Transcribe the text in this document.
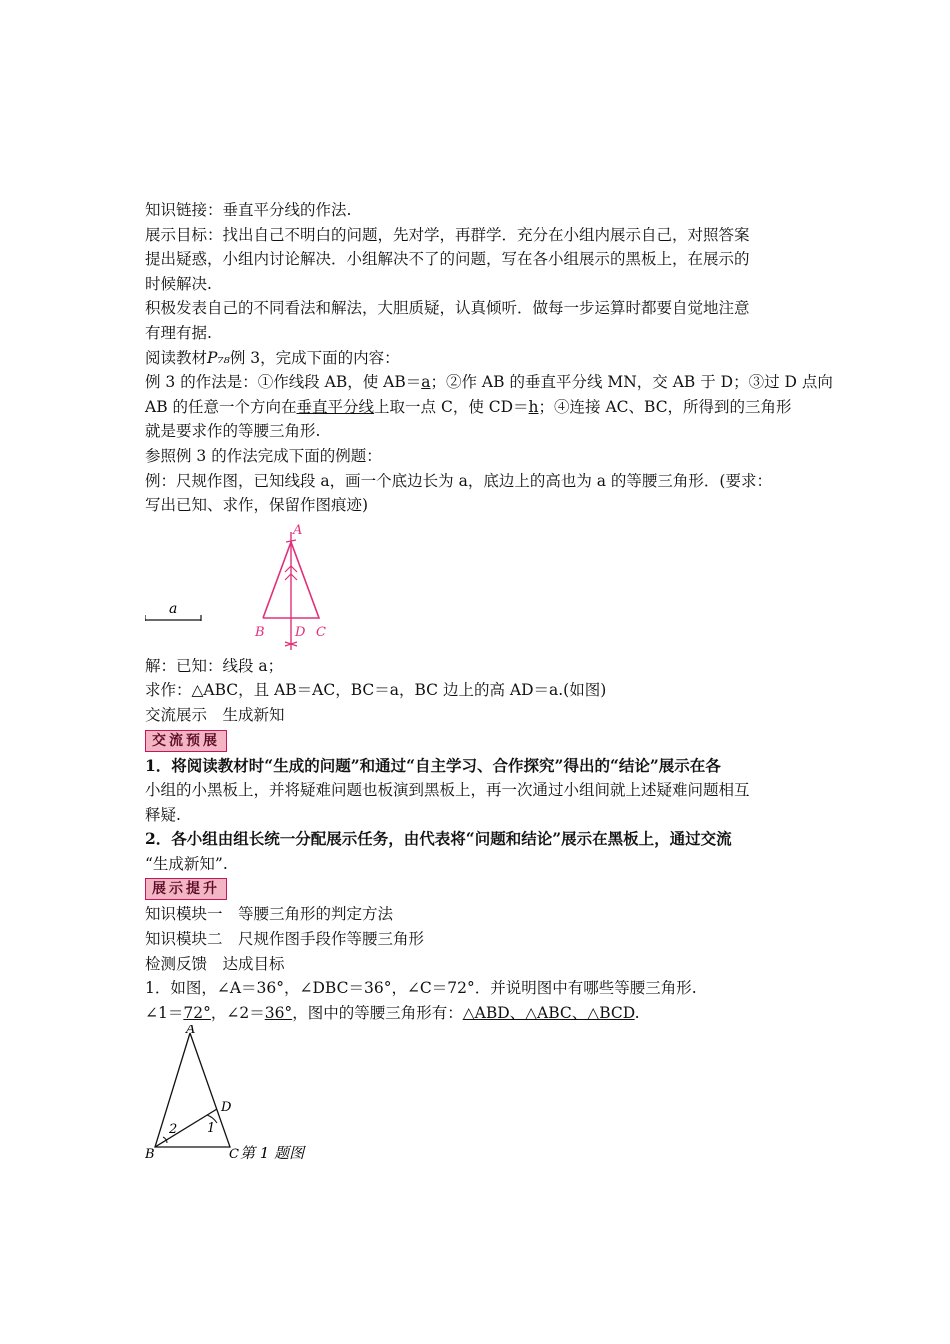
知识链接：垂直平分线的作法.
展示目标：找出自己不明白的问题，先对学，再群学．充分在小组内展示自己，对照答案
提出疑惑，小组内讨论解决．小组解决不了的问题，写在各小组展示的黑板上，在展示的
时候解决.
积极发表自己的不同看法和解法，大胆质疑，认真倾听．做每一步运算时都要自觉地注意
有理有据.
阅读教材P₇₈例 3，完成下面的内容：
例 3 的作法是：①作线段 AB，使 AB＝a；②作 AB 的垂直平分线 MN，交 AB 于 D；③过 D 点向
AB 的任意一个方向在垂直平分线上取一点 C，使 CD＝h；④连接 AC、BC，所得到的三角形
就是要求作的等腰三角形.
参照例 3 的作法完成下面的例题：
例：尺规作图，已知线段 a，画一个底边长为 a，底边上的高也为 a 的等腰三角形．(要求：
写出已知、求作，保留作图痕迹)
a
A
B D C
解：已知：线段 a；
求作：△ABC，且 AB＝AC，BC＝a，BC 边上的高 AD＝a.(如图)
交流展示　生成新知
交流预展
1．将阅读教材时“生成的问题”和通过“自主学习、合作探究”得出的“结论”展示在各
小组的小黑板上，并将疑难问题也板演到黑板上，再一次通过小组间就上述疑难问题相互
释疑.
2．各小组由组长统一分配展示任务，由代表将“问题和结论”展示在黑板上，通过交流
“生成新知”.
展示提升
知识模块一　等腰三角形的判定方法
知识模块二　尺规作图手段作等腰三角形
检测反馈　达成目标
1．如图，∠A＝36°，∠DBC＝36°，∠C＝72°．并说明图中有哪些等腰三角形.
∠1＝72°，∠2＝36°，图中的等腰三角形有：△ABD、△ABC、△BCD.
A
B	C
D
1
2
第 1 题图
